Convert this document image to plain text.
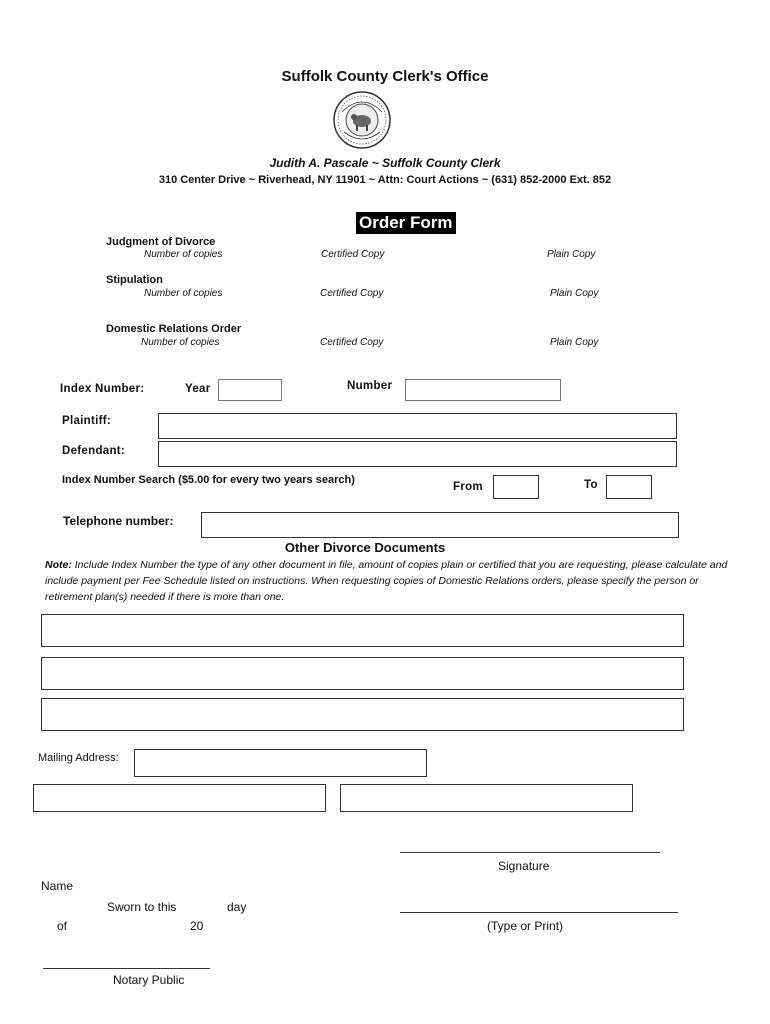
Suffolk County Clerk's Office
Judith A. Pascale ~ Suffolk County Clerk
310 Center Drive ~ Riverhead, NY 11901 ~ Attn: Court Actions ~ (631) 852-2000 Ext. 852
Order Form
Judgment of Divorce
Number of copies	Certified Copy	Plain Copy
Stipulation
Number of copies	Certified Copy	Plain Copy
Domestic Relations Order
Number of copies	Certified Copy	Plain Copy
Index Number:	Year	Number
Plaintiff:
Defendant:
Index Number Search ($5.00 for every two years search)
From	To
Telephone number:
Other Divorce Documents
Note: Include Index Number the type of any other document in file, amount of copies plain or certified that you are requesting, please calculate and include payment per Fee Schedule listed on instructions. When requesting copies of Domestic Relations orders, please specify the person or retirement plan(s) needed if there is more than one.
Mailing Address:
Signature
Name
Sworn to this	day
(Type or Print)
of	20
Notary Public
